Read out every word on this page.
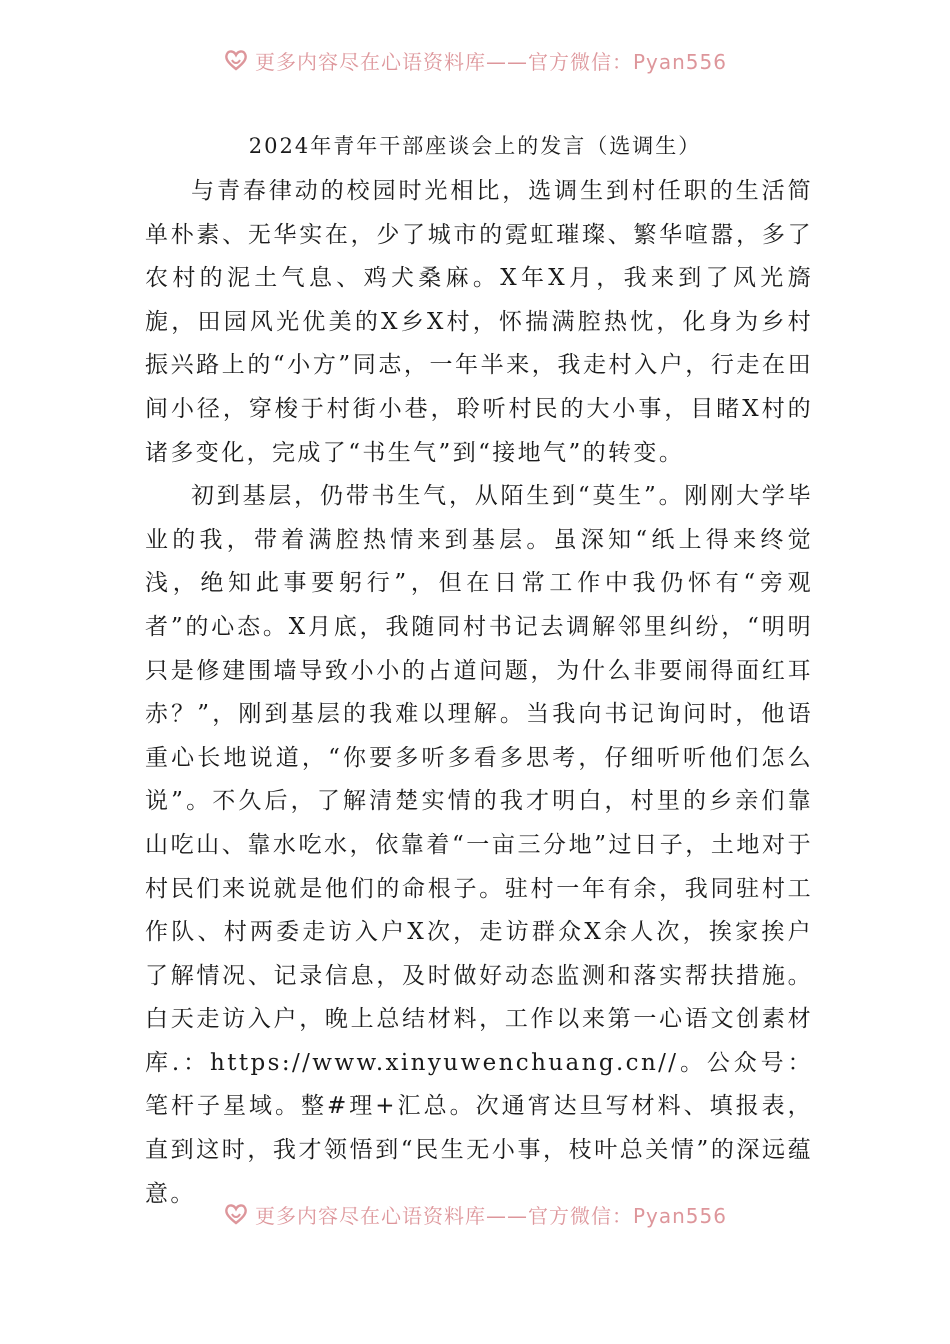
更多内容尽在心语资料库——官方微信：Pyan556
2024年青年干部座谈会上的发言（选调生）

与青春律动的校园时光相比，选调生到村任职的生活简单朴素、无华实在，少了城市的霓虹璀璨、繁华喧嚣，多了农村的泥土气息、鸡犬桑麻。X年X月，我来到了风光旖旎，田园风光优美的X乡X村，怀揣满腔热忱，化身为乡村振兴路上的“小方”同志，一年半来，我走村入户，行走在田间小径，穿梭于村街小巷，聆听村民的大小事，目睹X村的诸多变化，完成了“书生气”到“接地气”的转变。

初到基层，仍带书生气，从陌生到“莫生”。刚刚大学毕业的我，带着满腔热情来到基层。虽深知“纸上得来终觉浅，绝知此事要躬行”，但在日常工作中我仍怀有“旁观者”的心态。X月底，我随同村书记去调解邻里纠纷，“明明只是修建围墙导致小小的占道问题，为什么非要闹得面红耳赤？”，刚到基层的我难以理解。当我向书记询问时，他语重心长地说道，“你要多听多看多思考，仔细听听他们怎么说”。不久后，了解清楚实情的我才明白，村里的乡亲们靠山吃山、靠水吃水，依靠着“一亩三分地”过日子，土地对于村民们来说就是他们的命根子。驻村一年有余，我同驻村工作队、村两委走访入户X次，走访群众X余人次，挨家挨户了解情况、记录信息，及时做好动态监测和落实帮扶措施。白天走访入户，晚上总结材料，工作以来第一心语文创素材库.：https://www.xinyuwenchuang.cn//。公众号：笔杆子星域。整#理+汇总。次通宵达旦写材料、填报表，直到这时，我才领悟到“民生无小事，枝叶总关情”的深远蕴意。

更多内容尽在心语资料库——官方微信：Pyan556
